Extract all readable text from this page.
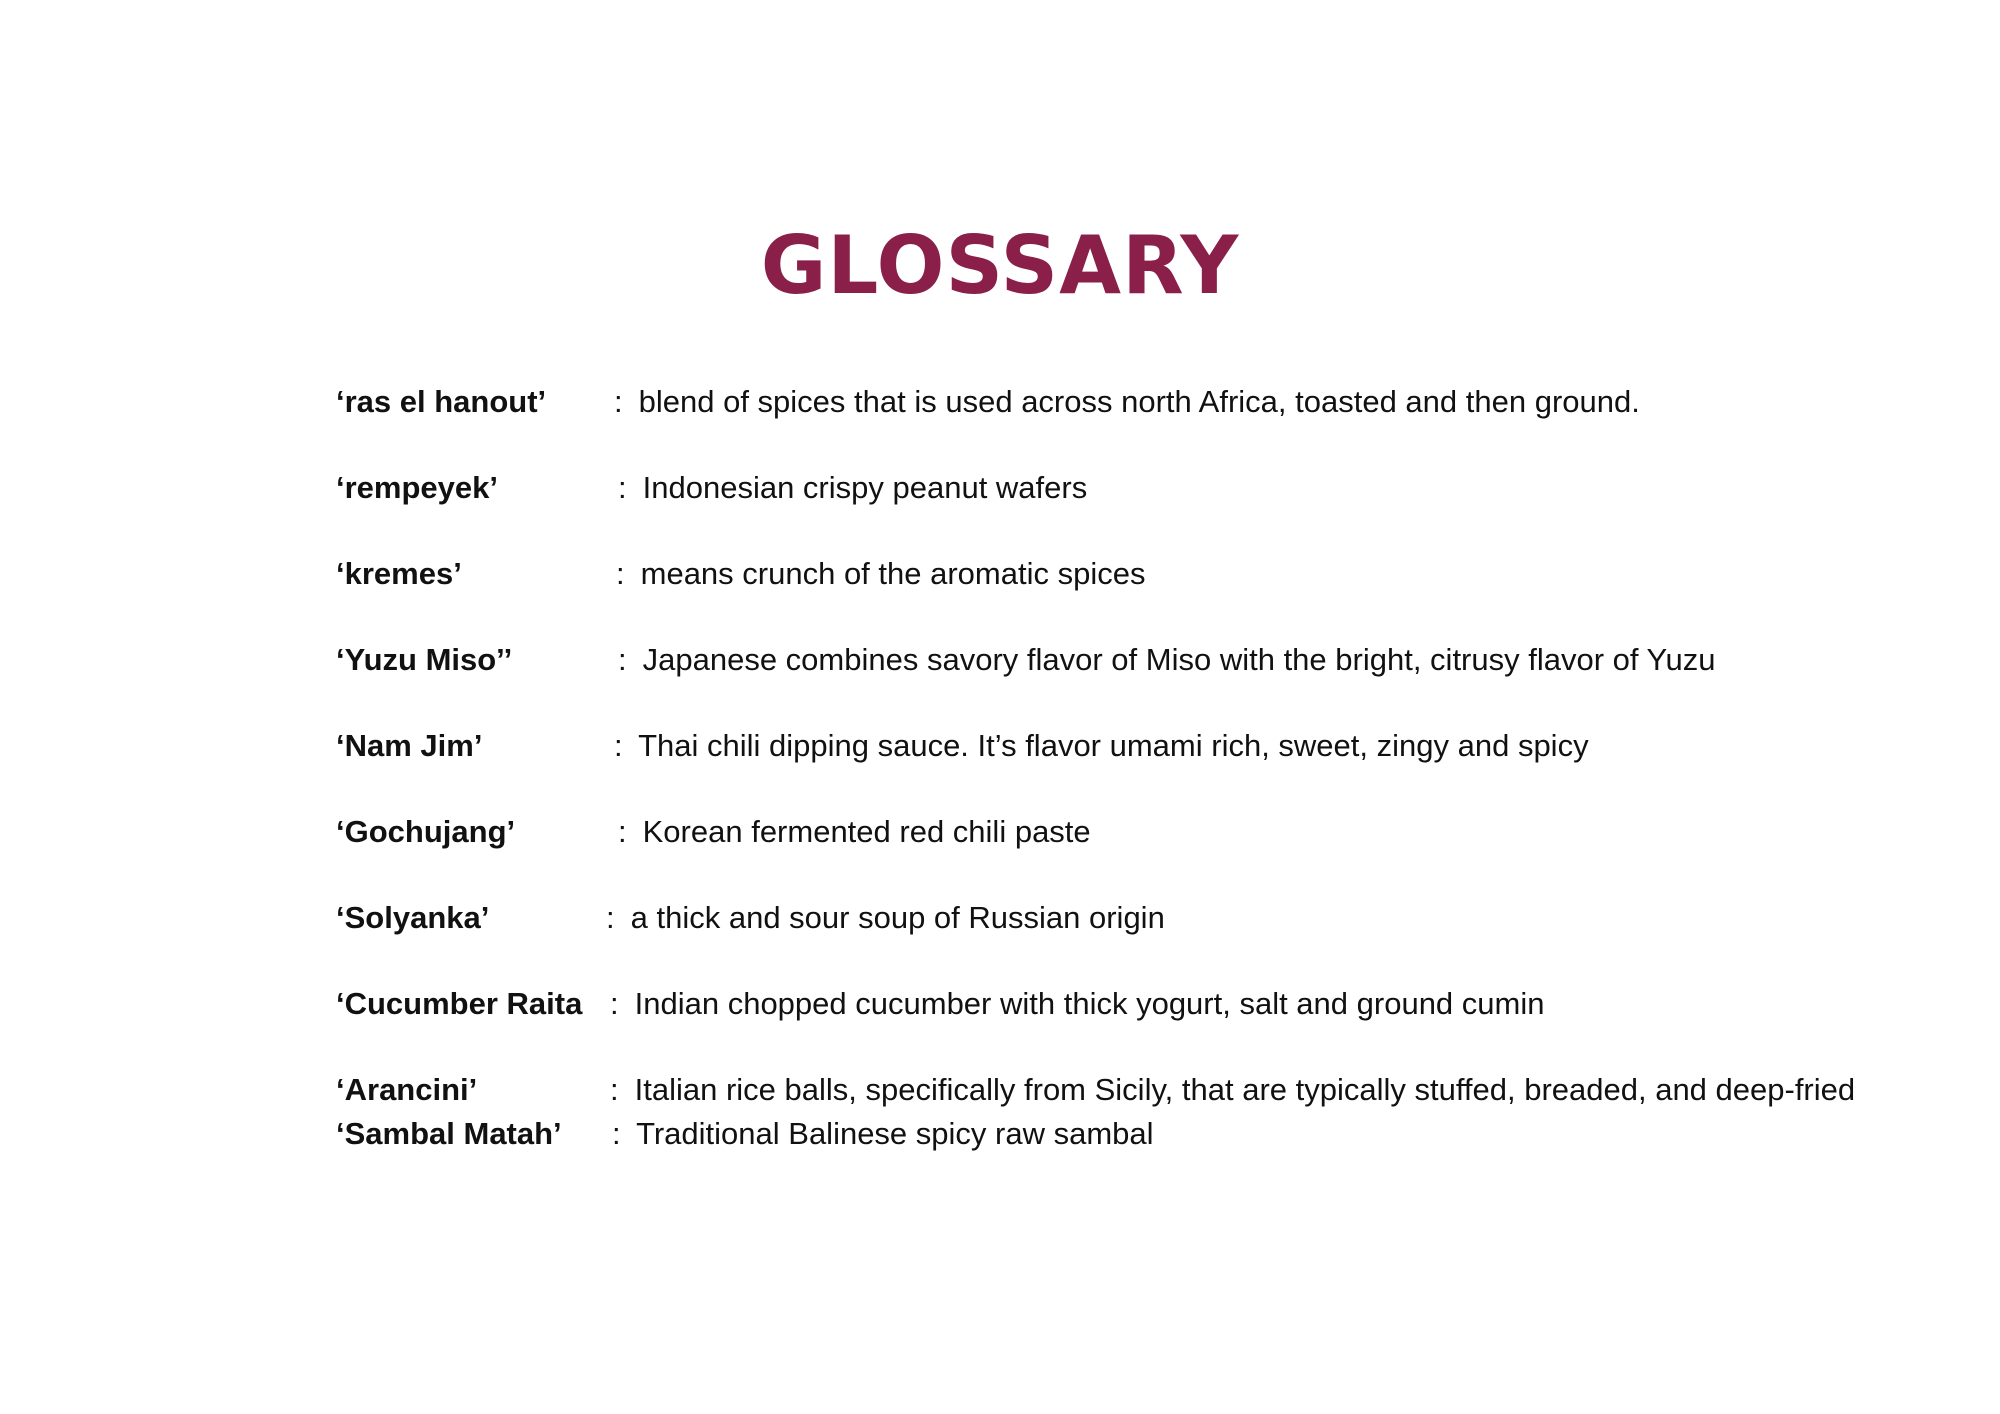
GLOSSARY
‘ras el hanout’ : blend of spices that is used across north Africa, toasted and then ground.
‘rempeyek’	: Indonesian crispy peanut wafers
‘kremes’	: means crunch of the aromatic spices
‘Yuzu Miso’’	: Japanese combines savory flavor of Miso with the bright, citrusy flavor of Yuzu
‘Nam Jim’	: Thai chili dipping sauce. It’s flavor umami rich, sweet, zingy and spicy
‘Gochujang’	: Korean fermented red chili paste
‘Solyanka’	: a thick and sour soup of Russian origin
‘Cucumber Raita : Indian chopped cucumber with thick yogurt, salt and ground cumin
‘Arancini’	: Italian rice balls, specifically from Sicily, that are typically stuffed, breaded, and deep-fried
‘Sambal Matah’ : Traditional Balinese spicy raw sambal
